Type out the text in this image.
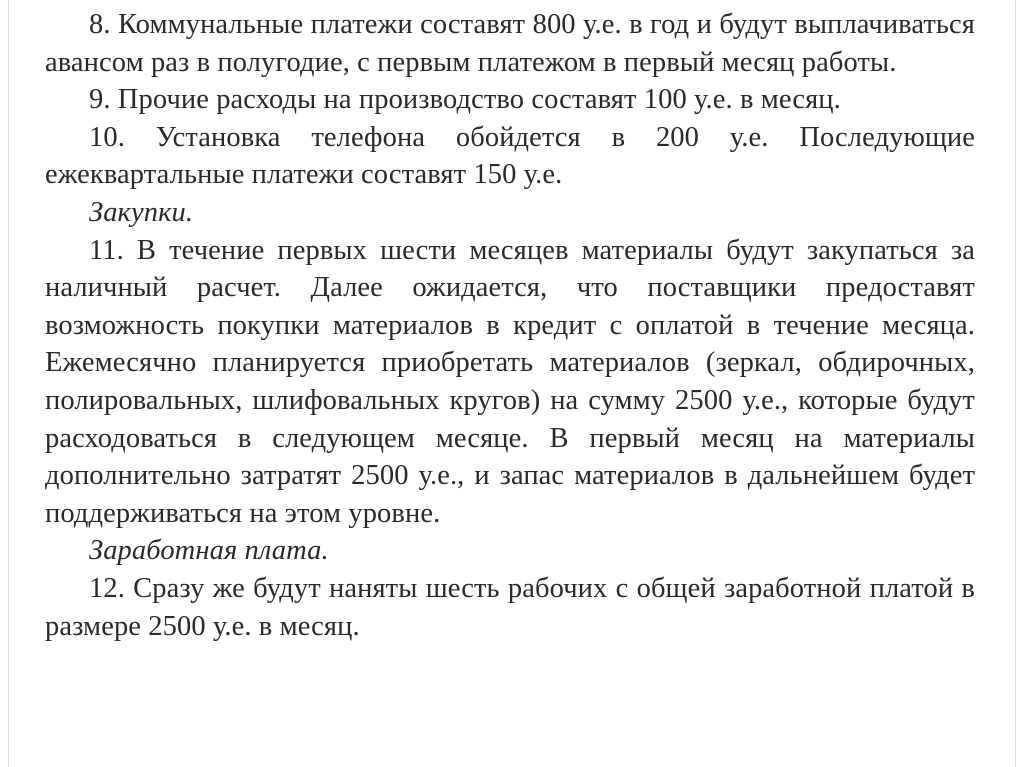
8. Коммунальные платежи составят 800 у.е. в год и будут выплачиваться авансом раз в полугодие, с первым платежом в первый месяц работы.

9. Прочие расходы на производство составят 100 у.е. в месяц.

10. Установка телефона обойдется в 200 у.е. Последующие ежеквартальные платежи составят 150 у.е.

Закупки.

11. В течение первых шести месяцев материалы будут закупаться за наличный расчет. Далее ожидается, что поставщики предоставят возможность покупки материалов в кредит с оплатой в течение месяца. Ежемесячно планируется приобретать материалов (зеркал, обдирочных, полировальных, шлифовальных кругов) на сумму 2500 у.е., которые будут расходоваться в следующем месяце. В первый месяц на материалы дополнительно затратят 2500 у.е., и запас материалов в дальнейшем будет поддерживаться на этом уровне.

Заработная плата.

12. Сразу же будут наняты шесть рабочих с общей заработной платой в размере 2500 у.е. в месяц.
